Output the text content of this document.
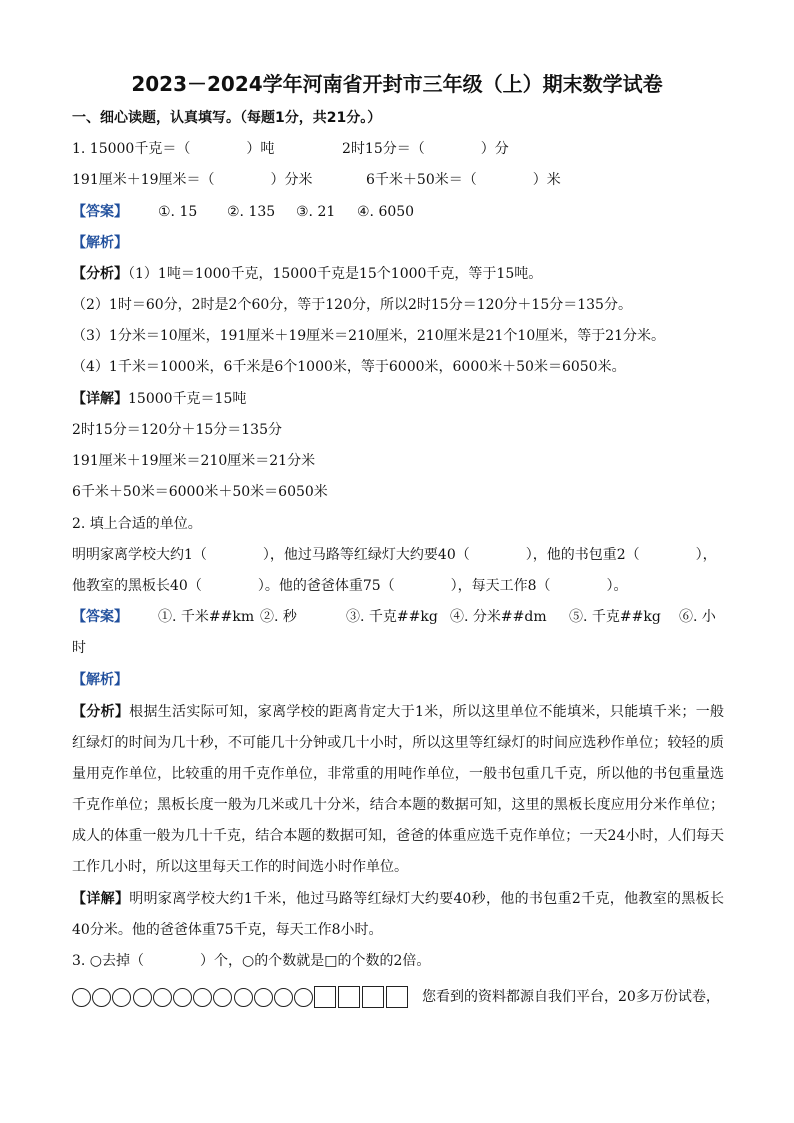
2023－2024学年河南省开封市三年级（上）期末数学试卷
一、细心读题，认真填写。（每题1分，共21分。）
1. 15000千克＝（　　　　）吨	2时15分＝（　　　　）分
191厘米＋19厘米＝（　　　　）分米	6千米＋50米＝（　　　　）米
【答案】 ①. 15 ②. 135 ③. 21 ④. 6050
【解析】
【分析】（1）1吨＝1000千克，15000千克是15个1000千克，等于15吨。
（2）1时＝60分，2时是2个60分，等于120分，所以2时15分＝120分＋15分＝135分。
（3）1分米＝10厘米，191厘米＋19厘米＝210厘米，210厘米是21个10厘米，等于21分米。
（4）1千米＝1000米，6千米是6个1000米，等于6000米，6000米＋50米＝6050米。
【详解】15000千克＝15吨
2时15分＝120分＋15分＝135分
191厘米＋19厘米＝210厘米＝21分米
6千米＋50米＝6000米＋50米＝6050米
2. 填上合适的单位。
明明家离学校大约1（　　　　），他过马路等红绿灯大约要40（　　　　），他的书包重2（　　　　），
他教室的黑板长40（　　　　）。他的爸爸体重75（　　　　），每天工作8（　　　　）。
【答案】 ①. 千米##km ②. 秒	③. 千克##kg ④. 分米##dm ⑤. 千克##kg ⑥. 小
时
【解析】
【分析】根据生活实际可知，家离学校的距离肯定大于1米，所以这里单位不能填米，只能填千米；一般红绿灯的时间为几十秒，不可能几十分钟或几十小时，所以这里等红绿灯的时间应选秒作单位；较轻的质量用克作单位，比较重的用千克作单位，非常重的用吨作单位，一般书包重几千克，所以他的书包重量选千克作单位；黑板长度一般为几米或几十分米，结合本题的数据可知，这里的黑板长度应用分米作单位；成人的体重一般为几十千克，结合本题的数据可知，爸爸的体重应选千克作单位；一天24小时，人们每天工作几小时，所以这里每天工作的时间选小时作单位。
【详解】明明家离学校大约1千米，他过马路等红绿灯大约要40秒，他的书包重2千克，他教室的黑板长40分米。他的爸爸体重75千克，每天工作8小时。
3. ○去掉（　　　　）个，○的个数就是□的个数的2倍。
您看到的资料都源自我们平台，20多万份试卷，
